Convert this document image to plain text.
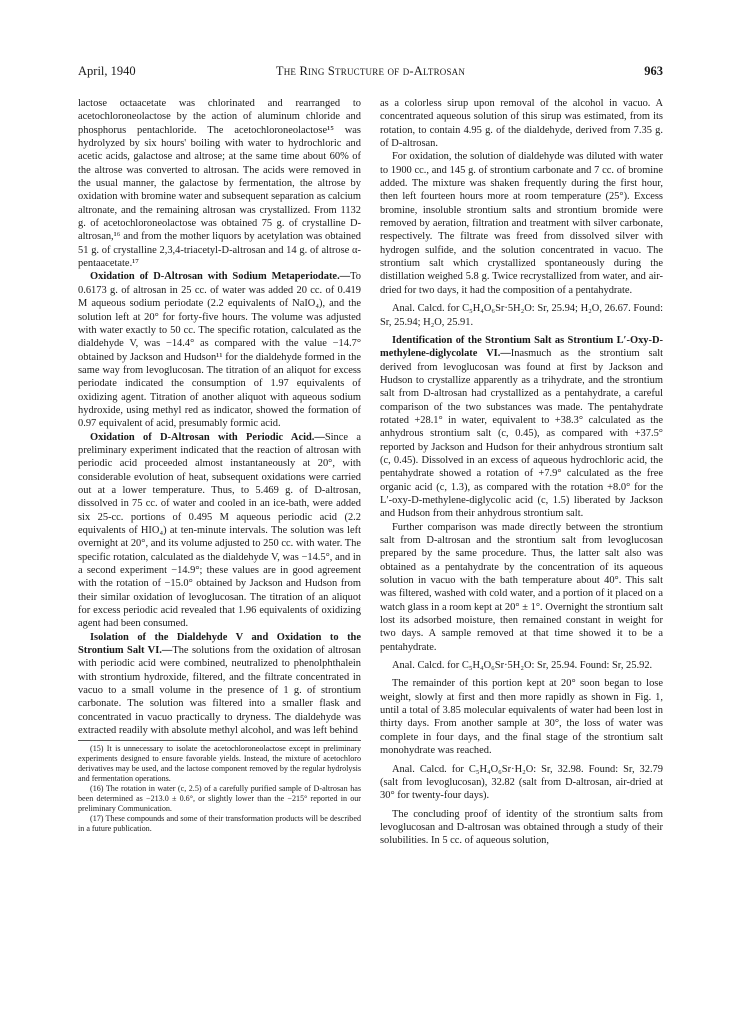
April, 1940	The Ring Structure of d-Altrosan	963

lactose octaacetate was chlorinated and rearranged to acetochloroneolactose by the action of aluminum chloride and phosphorus pentachloride. The acetochloroneolactose¹⁵ was hydrolyzed by six hours' boiling with water to hydrochloric and acetic acids, galactose and altrose; at the same time about 60% of the altrose was converted to altrosan. The acids were removed in the usual manner, the galactose by fermentation, the altrose by oxidation with bromine water and subsequent separation as calcium altronate, and the remaining altrosan was crystallized. From 1132 g. of acetochloroneolactose was obtained 75 g. of crystalline D-altrosan,¹⁶ and from the mother liquors by acetylation was obtained 51 g. of crystalline 2,3,4-triacetyl-D-altrosan and 14 g. of altrose α-pentaacetate.¹⁷

Oxidation of D-Altrosan with Sodium Metaperiodate.—To 0.6173 g. of altrosan in 25 cc. of water was added 20 cc. of 0.419 M aqueous sodium periodate (2.2 equivalents of NaIO₄), and the solution left at 20° for forty-five hours. The volume was adjusted with water exactly to 50 cc. The specific rotation, calculated as the dialdehyde V, was −14.4° as compared with the value −14.7° obtained by Jackson and Hudson¹¹ for the dialdehyde formed in the same way from levoglucosan. The titration of an aliquot for excess periodate indicated the consumption of 1.97 equivalents of oxidizing agent. Titration of another aliquot with aqueous sodium hydroxide, using methyl red as indicator, showed the formation of 0.97 equivalent of acid, presumably formic acid.

Oxidation of D-Altrosan with Periodic Acid.—Since a preliminary experiment indicated that the reaction of altrosan with periodic acid proceeded almost instantaneously at 20°, with considerable evolution of heat, subsequent oxidations were carried out at a lower temperature. Thus, to 5.469 g. of D-altrosan, dissolved in 75 cc. of water and cooled in an ice-bath, were added six 25-cc. portions of 0.495 M aqueous periodic acid (2.2 equivalents of HIO₄) at ten-minute intervals. The solution was left overnight at 20°, and its volume adjusted to 250 cc. with water. The specific rotation, calculated as the dialdehyde V, was −14.5°, and in a second experiment −14.9°; these values are in good agreement with the rotation of −15.0° obtained by Jackson and Hudson from their similar oxidation of levoglucosan. The titration of an aliquot for excess periodic acid revealed that 1.96 equivalents of oxidizing agent had been consumed.

Isolation of the Dialdehyde V and Oxidation to the Strontium Salt VI.—The solutions from the oxidation of altrosan with periodic acid were combined, neutralized to phenolphthalein with strontium hydroxide, filtered, and the filtrate concentrated in vacuo to a small volume in the presence of 1 g. of strontium carbonate. The solution was filtered into a smaller flask and concentrated in vacuo practically to dryness. The dialdehyde was extracted readily with absolute methyl alcohol, and was left behind

(15) It is unnecessary to isolate the acetochloroneolactose except in preliminary experiments designed to ensure favorable yields. Instead, the mixture of acetochloro derivatives may be used, and the lactose component removed by the regular hydrolysis and fermentation operations.

(16) The rotation in water (c, 2.5) of a carefully purified sample of D-altrosan has been determined as −213.0 ± 0.6°, or slightly lower than the −215° reported in our preliminary Communication.

(17) These compounds and some of their transformation products will be described in a future publication.

as a colorless sirup upon removal of the alcohol in vacuo. A concentrated aqueous solution of this sirup was estimated, from its rotation, to contain 4.95 g. of the dialdehyde, derived from 7.35 g. of D-altrosan.

For oxidation, the solution of dialdehyde was diluted with water to 1900 cc., and 145 g. of strontium carbonate and 7 cc. of bromine added. The mixture was shaken frequently during the first hour, then left fourteen hours more at room temperature (25°). Excess bromine, insoluble strontium salts and strontium bromide were removed by aeration, filtration and treatment with silver carbonate, respectively. The filtrate was freed from dissolved silver with hydrogen sulfide, and the solution concentrated in vacuo. The strontium salt which crystallized spontaneously during the distillation weighed 5.8 g. Twice recrystallized from water, and air-dried for two days, it had the composition of a pentahydrate.

Anal. Calcd. for C₅H₄O₆Sr·5H₂O: Sr, 25.94; H₂O, 26.67. Found: Sr, 25.94; H₂O, 25.91.

Identification of the Strontium Salt as Strontium L′-Oxy-D-methylene-diglycolate VI.—Inasmuch as the strontium salt derived from levoglucosan was found at first by Jackson and Hudson to crystallize apparently as a trihydrate, and the strontium salt from D-altrosan had crystallized as a pentahydrate, a careful comparison of the two substances was made. The pentahydrate rotated +28.1° in water, equivalent to +38.3° calculated as the anhydrous strontium salt (c, 0.45), as compared with +37.5° reported by Jackson and Hudson for their anhydrous strontium salt (c, 0.45). Dissolved in an excess of aqueous hydrochloric acid, the pentahydrate showed a rotation of +7.9° calculated as the free organic acid (c, 1.3), as compared with the rotation +8.0° for the L′-oxy-D-methylene-diglycolic acid (c, 1.5) liberated by Jackson and Hudson from their anhydrous strontium salt.

Further comparison was made directly between the strontium salt from D-altrosan and the strontium salt from levoglucosan prepared by the same procedure. Thus, the latter salt also was obtained as a pentahydrate by the concentration of its aqueous solution in vacuo with the bath temperature about 40°. This salt was filtered, washed with cold water, and a portion of it placed on a watch glass in a room kept at 20° ± 1°. Overnight the strontium salt lost its adsorbed moisture, then remained constant in weight for two days. A sample removed at that time showed it to be a pentahydrate.

Anal. Calcd. for C₅H₄O₆Sr·5H₂O: Sr, 25.94. Found: Sr, 25.92.

The remainder of this portion kept at 20° soon began to lose weight, slowly at first and then more rapidly as shown in Fig. 1, until a total of 3.85 molecular equivalents of water had been lost in thirty days. From another sample at 30°, the loss of water was complete in four days, and the final stage of the strontium salt monohydrate was reached.

Anal. Calcd. for C₅H₄O₆Sr·H₂O: Sr, 32.98. Found: Sr, 32.79 (salt from levoglucosan), 32.82 (salt from D-altrosan, air-dried at 30° for twenty-four days).

The concluding proof of identity of the strontium salts from levoglucosan and D-altrosan was obtained through a study of their solubilities. In 5 cc. of aqueous solution,
